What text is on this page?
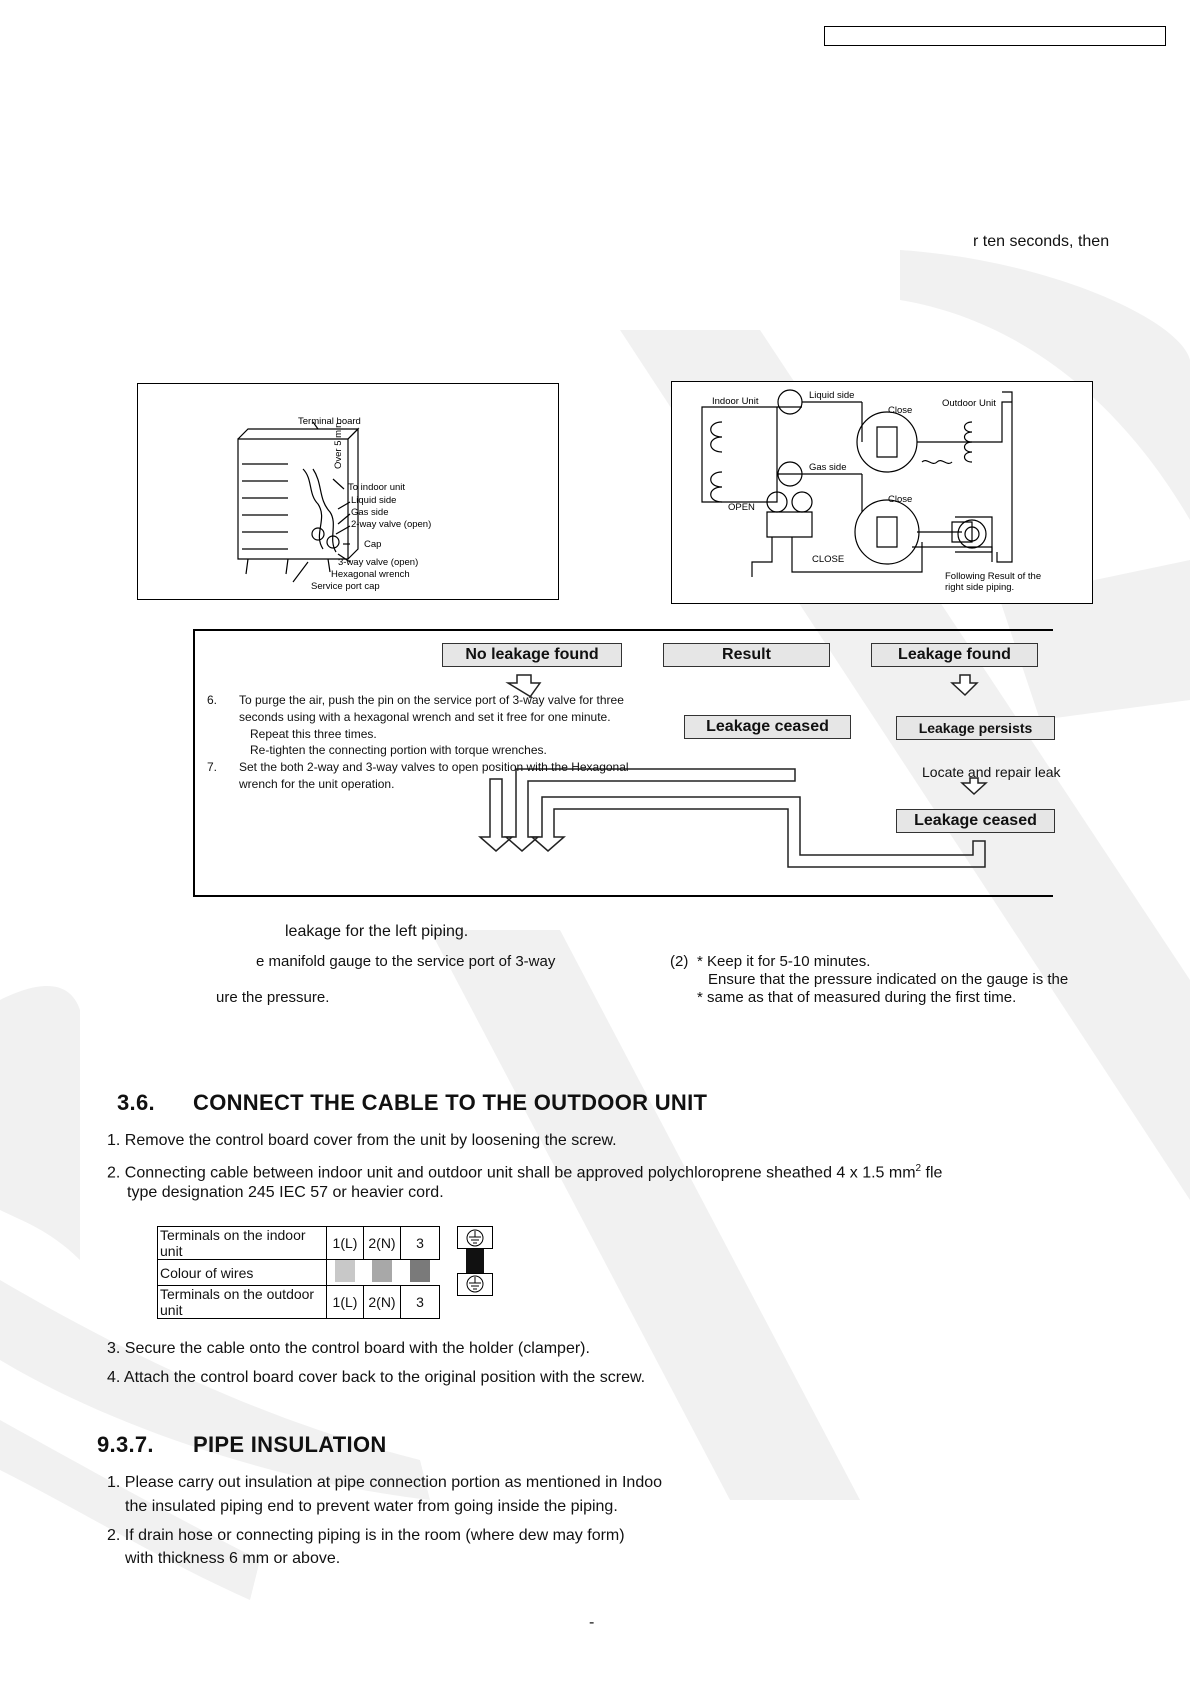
r ten seconds, then
Terminal board
Over 5 min
To indoor unit
Liquid side
Gas side
2-way valve (open)
Cap
3-way valve (open)
Hexagonal wrench
Service port cap
Indoor Unit
Liquid side
Outdoor Unit
Close
Gas side
Close
OPEN
CLOSE
Following Result of the
right side piping.
No leakage found	Result	Leakage found
Leakage ceased	Leakage persists
Locate and repair leak
Leakage ceased
6. To purge the air, push the pin on the service port of 3-way valve for three
seconds using with a hexagonal wrench and set it free for one minute.
Repeat this three times.
Re-tighten the connecting portion with torque wrenches.
7. Set the both 2-way and 3-way valves to open position with the Hexagonal
wrench for the unit operation.
leakage for the left piping.
e manifold gauge to the service port of 3-way
ure the pressure.
(2) * Keep it for 5-10 minutes.
Ensure that the pressure indicated on the gauge is the
* same as that of measured during the first time.
3.6. CONNECT THE CABLE TO THE OUTDOOR UNIT
1. Remove the control board cover from the unit by loosening the screw.
2. Connecting cable between indoor unit and outdoor unit shall be approved polychloroprene sheathed 4 x 1.5 $mm^2$ fle
type designation 245 IEC 57 or heavier cord.
Terminals on the indoor unit	1(L)	2(N)	3
Colour of wires			
Terminals on the outdoor unit	1(L)	2(N)	3
3. Secure the cable onto the control board with the holder (clamper).
4. Attach the control board cover back to the original position with the screw.
9.3.7. PIPE INSULATION
1. Please carry out insulation at pipe connection portion as mentioned in Indoo
the insulated piping end to prevent water from going inside the piping.
2. If drain hose or connecting piping is in the room (where dew may form)
with thickness 6 mm or above.
-
